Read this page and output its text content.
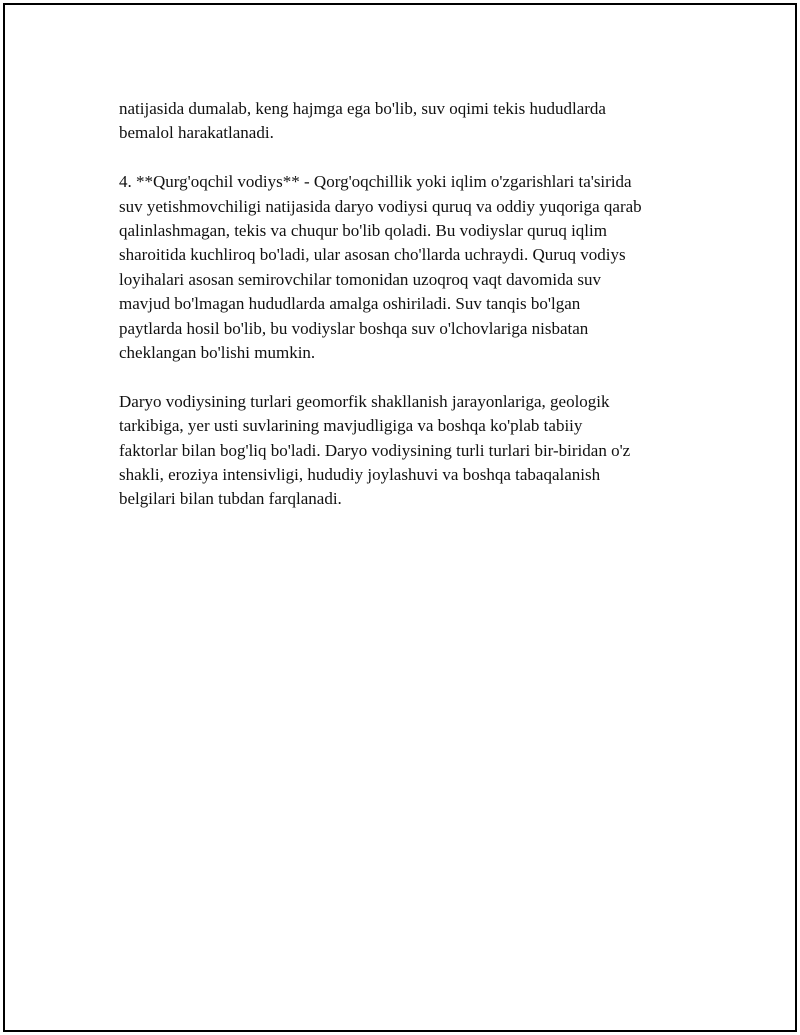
natijasida dumalab, keng hajmga ega bo'lib, suv oqimi tekis hududlarda
bemalol harakatlanadi.

4. **Qurg'oqchil vodiys** - Qorg'oqchillik yoki iqlim o'zgarishlari ta'sirida
suv yetishmovchiligi natijasida daryo vodiysi quruq va oddiy yuqoriga qarab
qalinlashmagan, tekis va chuqur bo'lib qoladi. Bu vodiyslar quruq iqlim
sharoitida kuchliroq bo'ladi, ular asosan cho'llarda uchraydi. Quruq vodiys
loyihalari asosan semirovchilar tomonidan uzoqroq vaqt davomida suv
mavjud bo'lmagan hududlarda amalga oshiriladi. Suv tanqis bo'lgan
paytlarda hosil bo'lib, bu vodiyslar boshqa suv o'lchovlariga nisbatan
cheklangan bo'lishi mumkin.

Daryo vodiysining turlari geomorfik shakllanish jarayonlariga, geologik
tarkibiga, yer usti suvlarining mavjudligiga va boshqa ko'plab tabiiy
faktorlar bilan bog'liq bo'ladi. Daryo vodiysining turli turlari bir-biridan o'z
shakli, eroziya intensivligi, hududiy joylashuvi va boshqa tabaqalanish
belgilari bilan tubdan farqlanadi.
